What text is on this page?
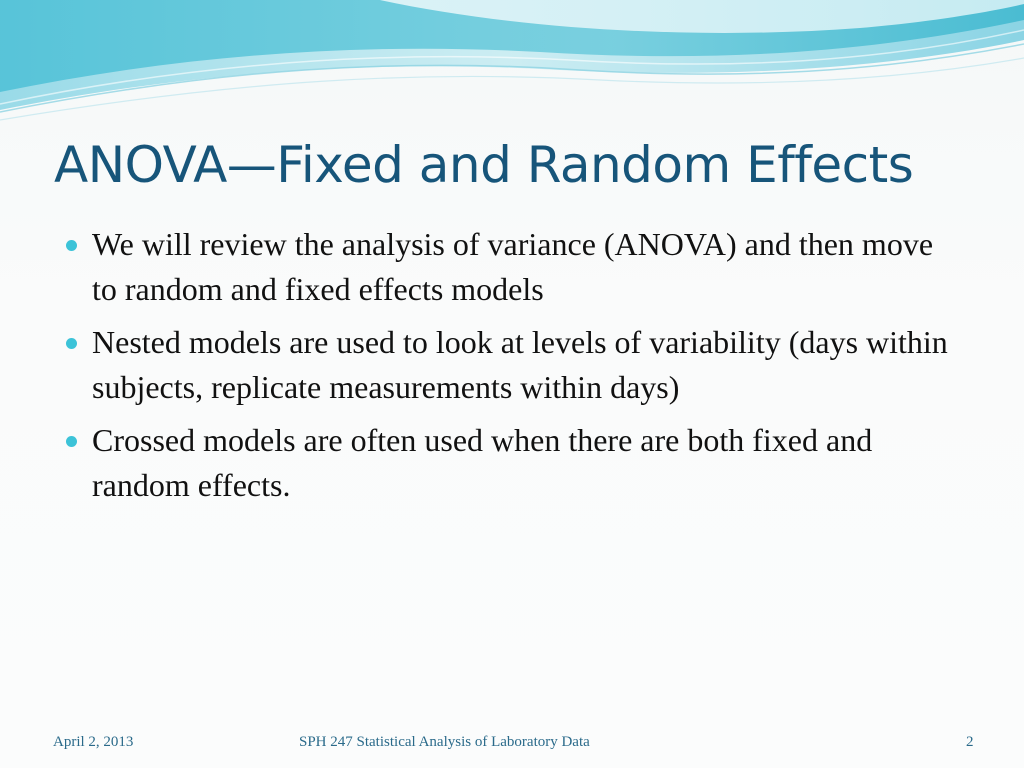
ANOVA—Fixed and Random Effects
We will review the analysis of variance (ANOVA) and then move to random and fixed effects models
Nested models are used to look at levels of variability (days within subjects, replicate measurements within days)
Crossed models are often used when there are both fixed and random effects.
April 2, 2013	SPH 247 Statistical Analysis of Laboratory Data	2
